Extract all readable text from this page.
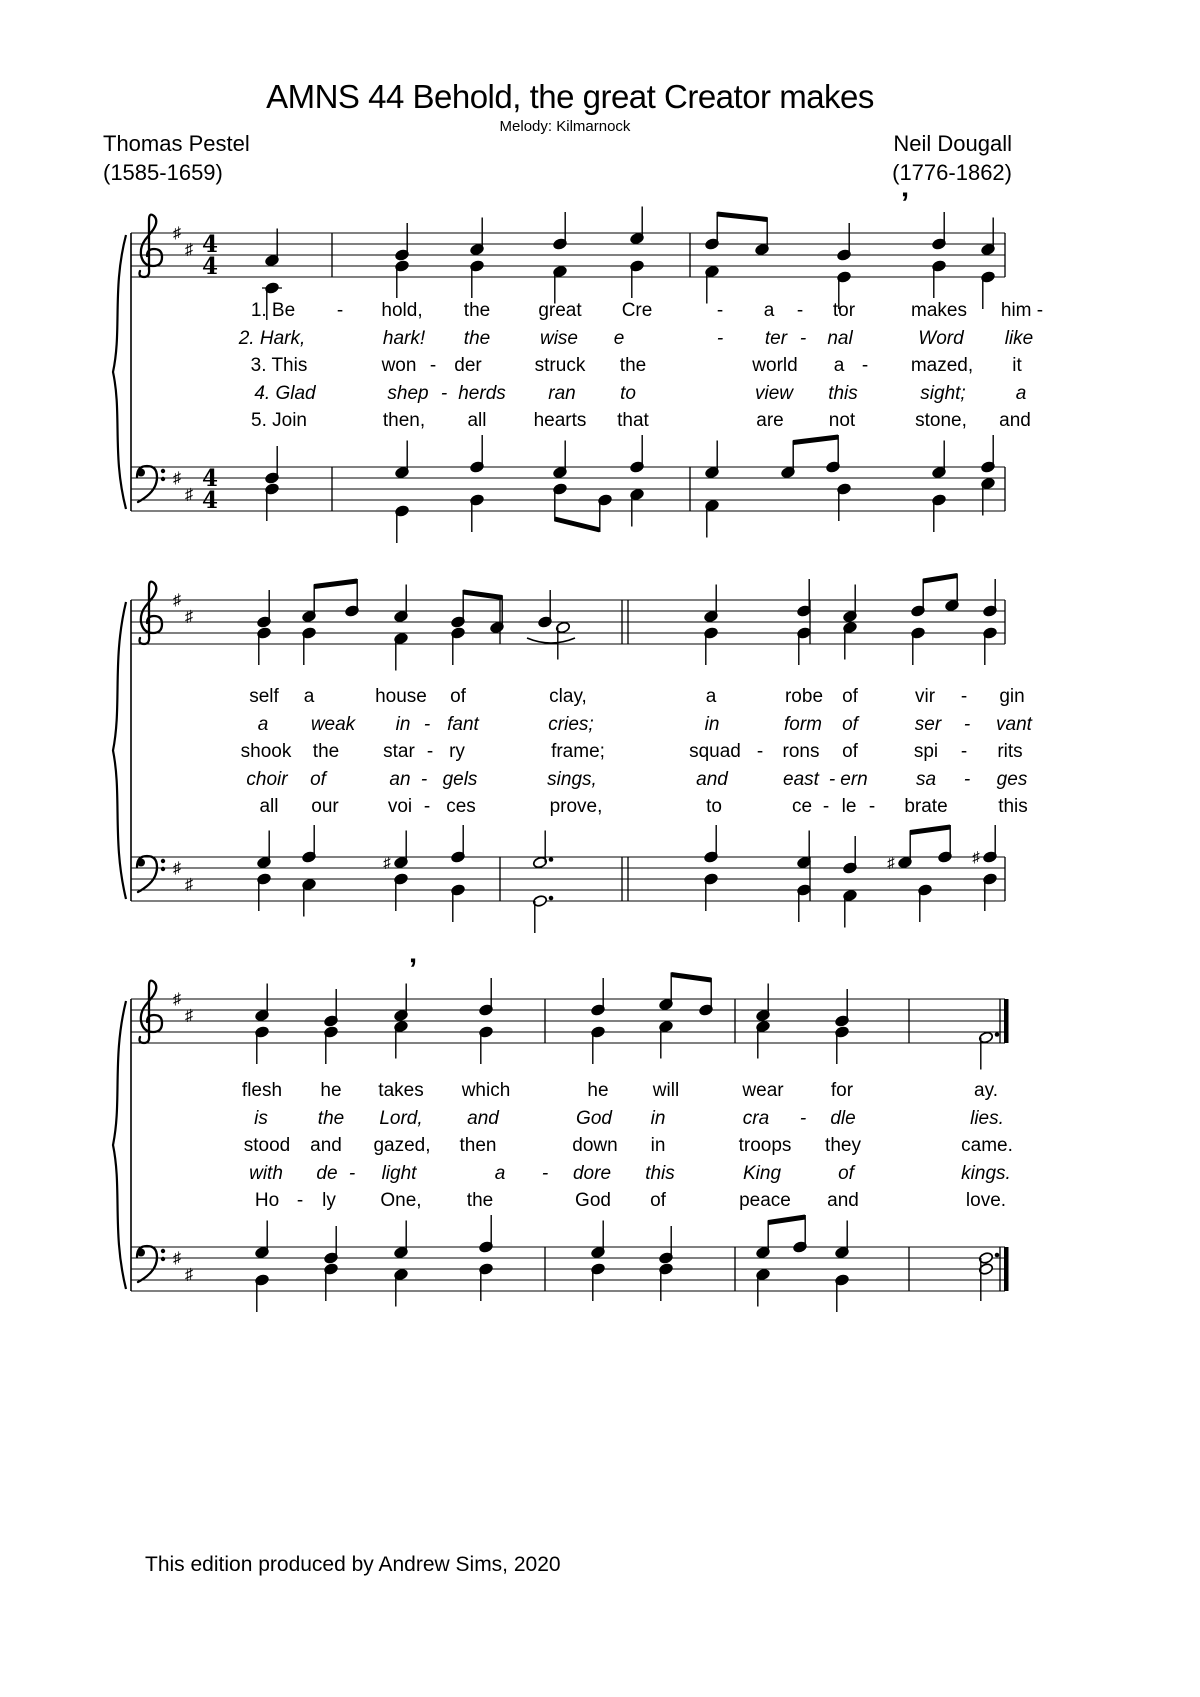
AMNS 44 Behold, the great Creator makes
Melody: Kilmarnock
Thomas Pestel
(1585-1659)
Neil Dougall
(1776-1862)
♯
♯ 4
4
’
♯
♯
4
4
1. Be - hold, the	great Cre	- a - tor	makes him -
2. Hark,	hark! the	wise e	- ter - nal	Word like
3. This	won - der	struck the	world a - mazed, it
4. Glad	shep - herds ran to	view this	sight;	a
5. Join	then, all hearts that	are not	stone, and
♯
♯
♯
♯
♯	♯	♯
self a	house of	clay,	a	robe of	vir - gin
a weak in - fant	cries;	in	form of	ser - vant
shook the star - ry	frame;	squad - rons of	spi - rits
choir of	an - gels	sings,	and	east - ern	sa - ges
all our	voi - ces	prove,	to	ce - le - brate	this
♯
♯
’
♯
♯
flesh he takes which	he will	wear for	ay.
is	the Lord, and	God in	cra - dle	lies.
stood and gazed, then	down in	troops they	came.
with de - light	a - dore this	King	of	kings.
Ho - ly One, the	God of	peace and	love.
This edition produced by Andrew Sims, 2020
